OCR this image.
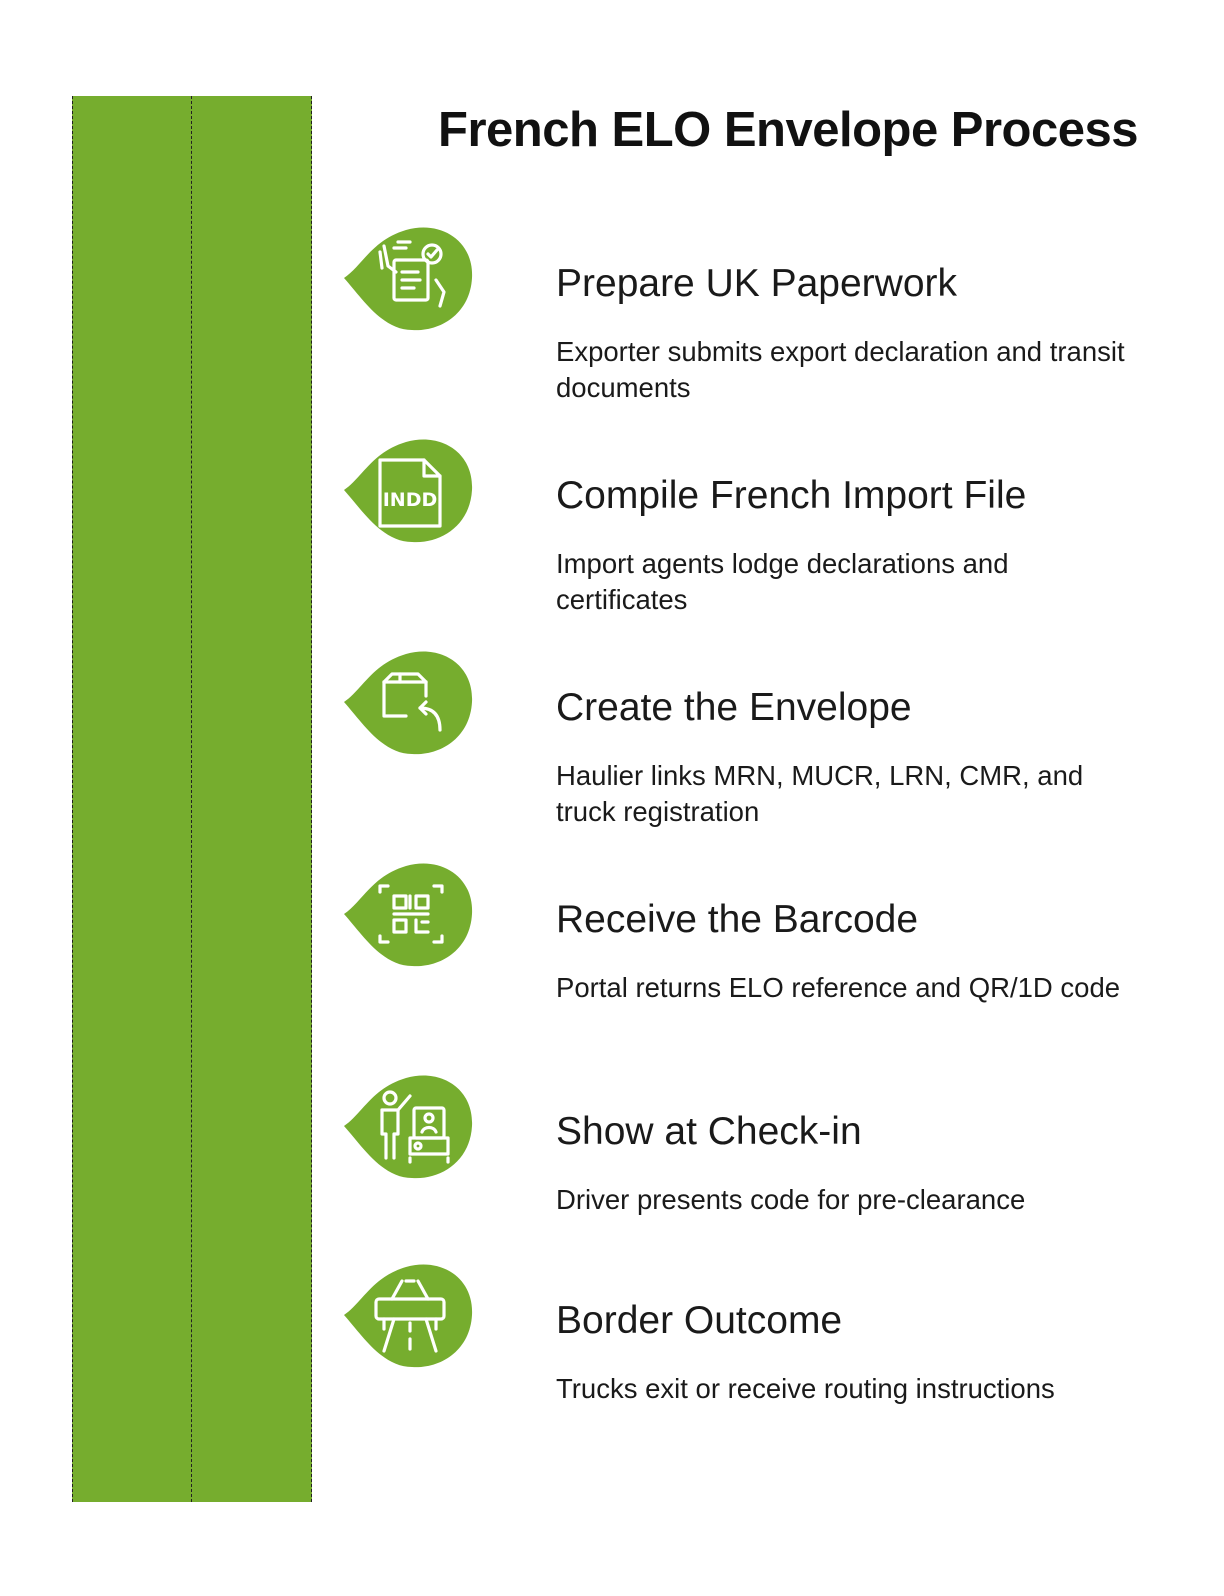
French ELO Envelope Process
Prepare UK Paperwork

Exporter submits export declaration and transit documents

INDD	Compile French Import File

Import agents lodge declarations and certificates

Create the Envelope

Haulier links MRN, MUCR, LRN, CMR, and truck registration

Receive the Barcode

Portal returns ELO reference and QR/1D code

Show at Check-in

Driver presents code for pre-clearance

Border Outcome

Trucks exit or receive routing instructions
